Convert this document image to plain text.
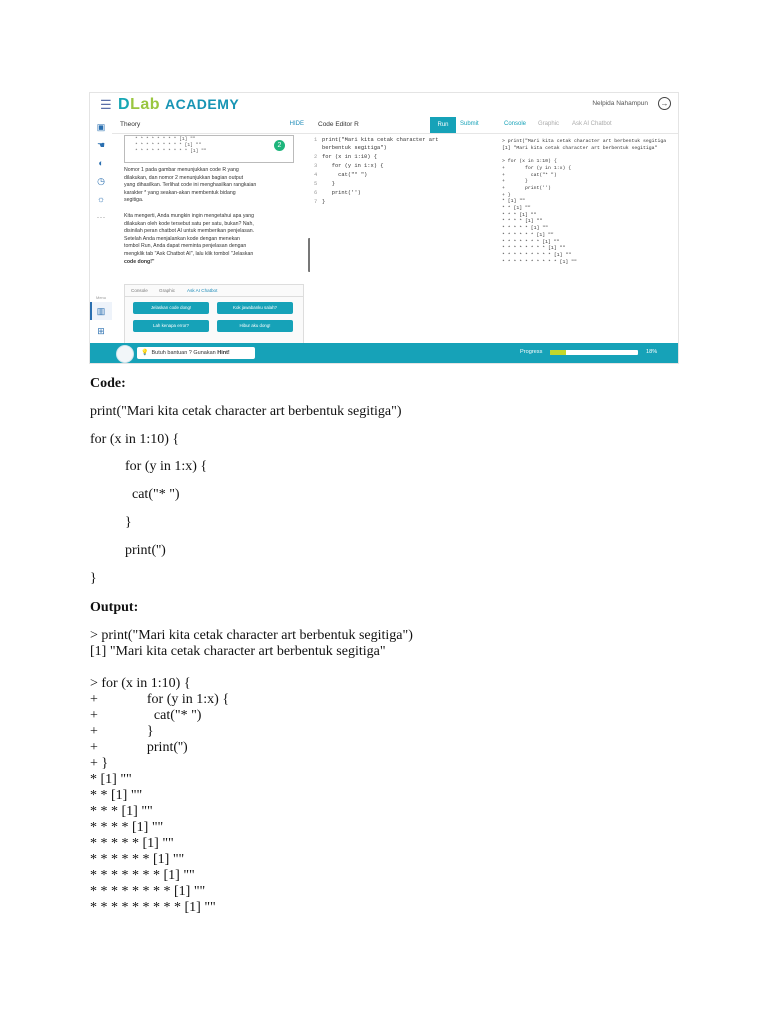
☰ DLab ACADEMY	Nelpida Nahampun	→
▣
☚
◐
◷
☼
···
Menu
▥
⊞
Theory	HIDE
* * * * * * * * [1] ""
* * * * * * * * * [1] ""
* * * * * * * * * * [1] ""
2
Nomor 1 pada gambar menunjukkan code R yang
dilakukan, dan nomor 2 menunjukkan bagian output
yang dihasilkan. Terlihat code ini menghasilkan rangkaian
karakter * yang seakan-akan membentuk bidang
segitiga.
Kita mengerti, Anda mungkin ingin mengetahui apa yang
dilakukan oleh kode tersebut satu per satu, bukan? Nah,
disinilah peran chatbot AI untuk memberikan penjelasan.
Setelah Anda menjalankan kode dengan menekan
tombol Run, Anda dapat meminta penjelasan dengan
mengklik tab "Ask Chatbot AI", lalu klik tombol "Jelaskan
code dong!"
Console Graphic	Ask AI Chatbot
Jelaskan code dong!	Kok jawabanku salah?
Lah kenapa error?	Hibur aku dong!
Code Editor R	Run	Submit
1 print("Mari kita cetak character art
berbentuk segitiga")
2 for (x in 1:10) {
3   for (y in 1:x) {
4     cat("* ")
5   }
6   print('')
7 }
Console Graphic Ask AI Chatbot
> print("Mari kita cetak character art berbentuk segitiga
[1] "Mari kita cetak character art berbentuk segitiga"
> for (x in 1:10) {
+       for (y in 1:x) {
+         cat("* ")
+       }
+       print('')
+ }
* [1] ""
* * [1] ""
* * * [1] ""
* * * * [1] ""
* * * * * [1] ""
* * * * * * [1] ""
* * * * * * * [1] ""
* * * * * * * * [1] ""
* * * * * * * * * [1] ""
* * * * * * * * * * [1] ""
💡 Butuh bantuan ? Gunakan Hint!	Progress	18%
Code:
print("Mari kita cetak character art berbentuk segitiga")
for (x in 1:10) {
for (y in 1:x) {
cat("* ")
}
print('')
}
Output:
> print("Mari kita cetak character art berbentuk segitiga")
[1] "Mari kita cetak character art berbentuk segitiga"
> for (x in 1:10) {
+              for (y in 1:x) {
+                cat("* ")
+              }
+              print('')
+ }
* [1] ""
* * [1] ""
* * * [1] ""
* * * * [1] ""
* * * * * [1] ""
* * * * * * [1] ""
* * * * * * * [1] ""
* * * * * * * * [1] ""
* * * * * * * * * [1] ""
